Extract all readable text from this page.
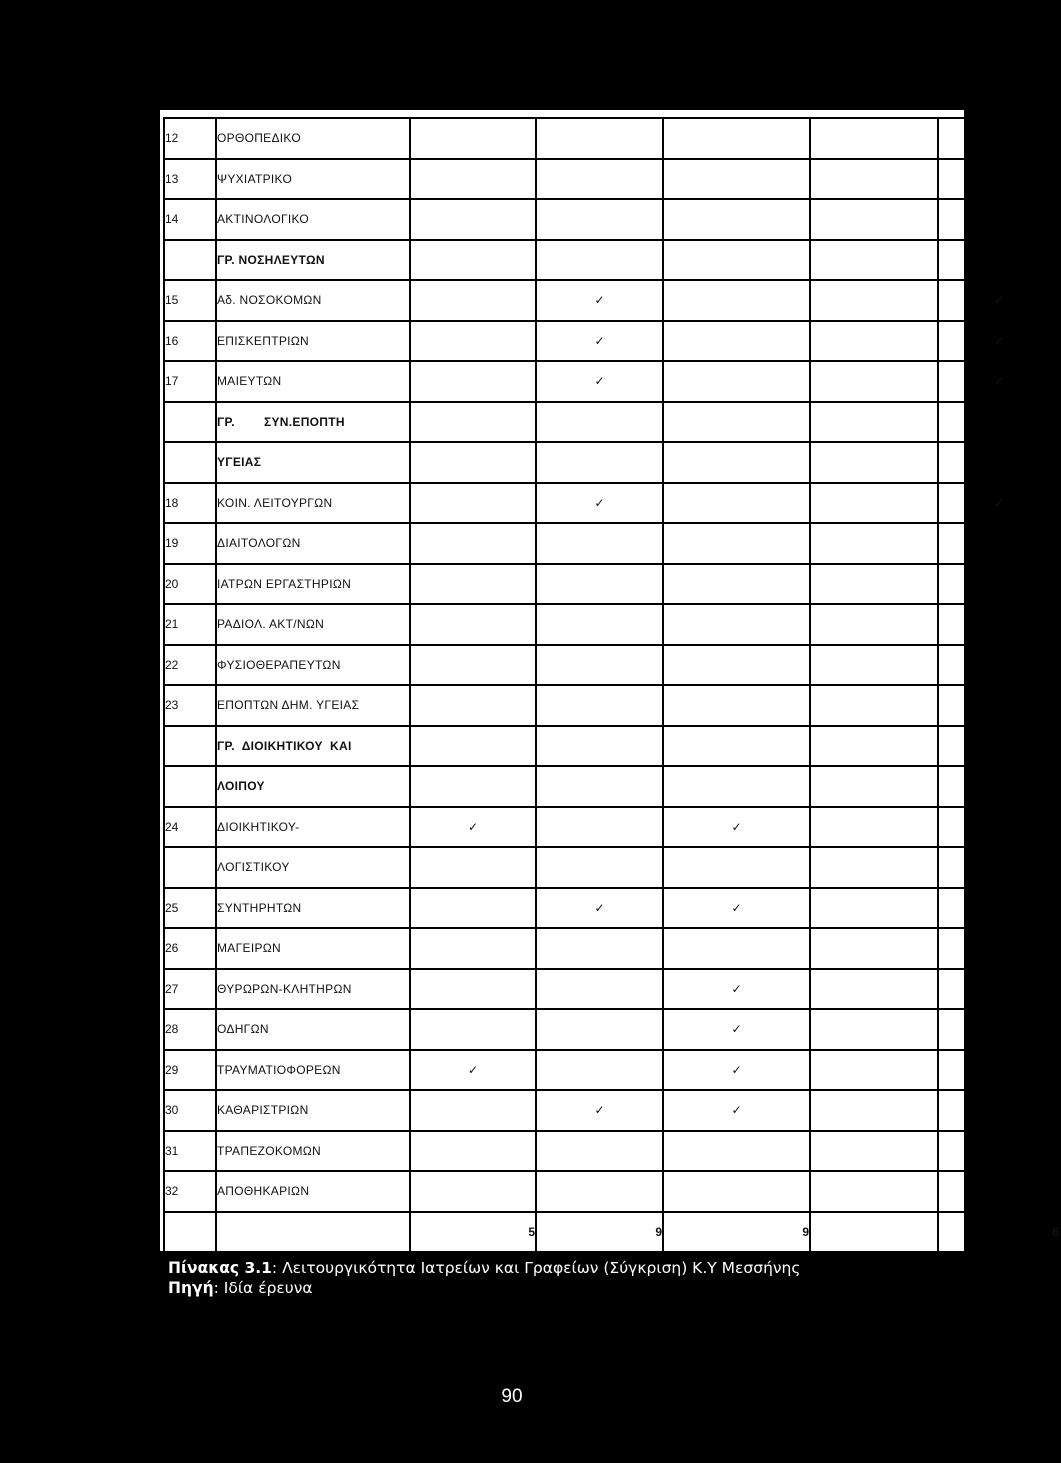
12	ΟΡΘΟΠΕΔΙΚΟ					
13	ΨΥΧΙΑΤΡΙΚΟ					
14	ΑΚΤΙΝΟΛΟΓΙΚΟ					
	ΓΡ. ΝΟΣΗΛΕΥΤΩΝ					
15	Αδ. ΝΟΣΟΚΟΜΩΝ		✓			✓
16	ΕΠΙΣΚΕΠΤΡΙΩΝ		✓			✓
17	ΜΑΙΕΥΤΩΝ		✓			✓
	ΓΡ.        ΣΥΝ.ΕΠΟΠΤΗ					
	ΥΓΕΙΑΣ					
18	ΚΟΙΝ. ΛΕΙΤΟΥΡΓΩΝ		✓			✓
19	ΔΙΑΙΤΟΛΟΓΩΝ					
20	ΙΑΤΡΩΝ ΕΡΓΑΣΤΗΡΙΩΝ					
21	ΡΑΔΙΟΛ. ΑΚΤ/ΝΩΝ					
22	ΦΥΣΙΟΘΕΡΑΠΕΥΤΩΝ					
23	ΕΠΟΠΤΩΝ ΔΗΜ. ΥΓΕΙΑΣ					
	ΓΡ.  ΔΙΟΙΚΗΤΙΚΟΥ  ΚΑΙ					
	ΛΟΙΠΟΥ					
24	ΔΙΟΙΚΗΤΙΚΟΥ-	✓		✓		
	ΛΟΓΙΣΤΙΚΟΥ					
25	ΣΥΝΤΗΡΗΤΩΝ		✓	✓		
26	ΜΑΓΕΙΡΩΝ					
27	ΘΥΡΩΡΩΝ-ΚΛΗΤΗΡΩΝ			✓		
28	ΟΔΗΓΩΝ			✓		
29	ΤΡΑΥΜΑΤΙΟΦΟΡΕΩΝ	✓		✓		
30	ΚΑΘΑΡΙΣΤΡΙΩΝ		✓	✓		
31	ΤΡΑΠΕΖΟΚΟΜΩΝ					
32	ΑΠΟΘΗΚΑΡΙΩΝ					
		5	9	9		6
Πίνακας 3.1: Λειτουργικότητα Ιατρείων και Γραφείων (Σύγκριση) Κ.Υ Μεσσήνης
Πηγή: Ιδία έρευνα
90
